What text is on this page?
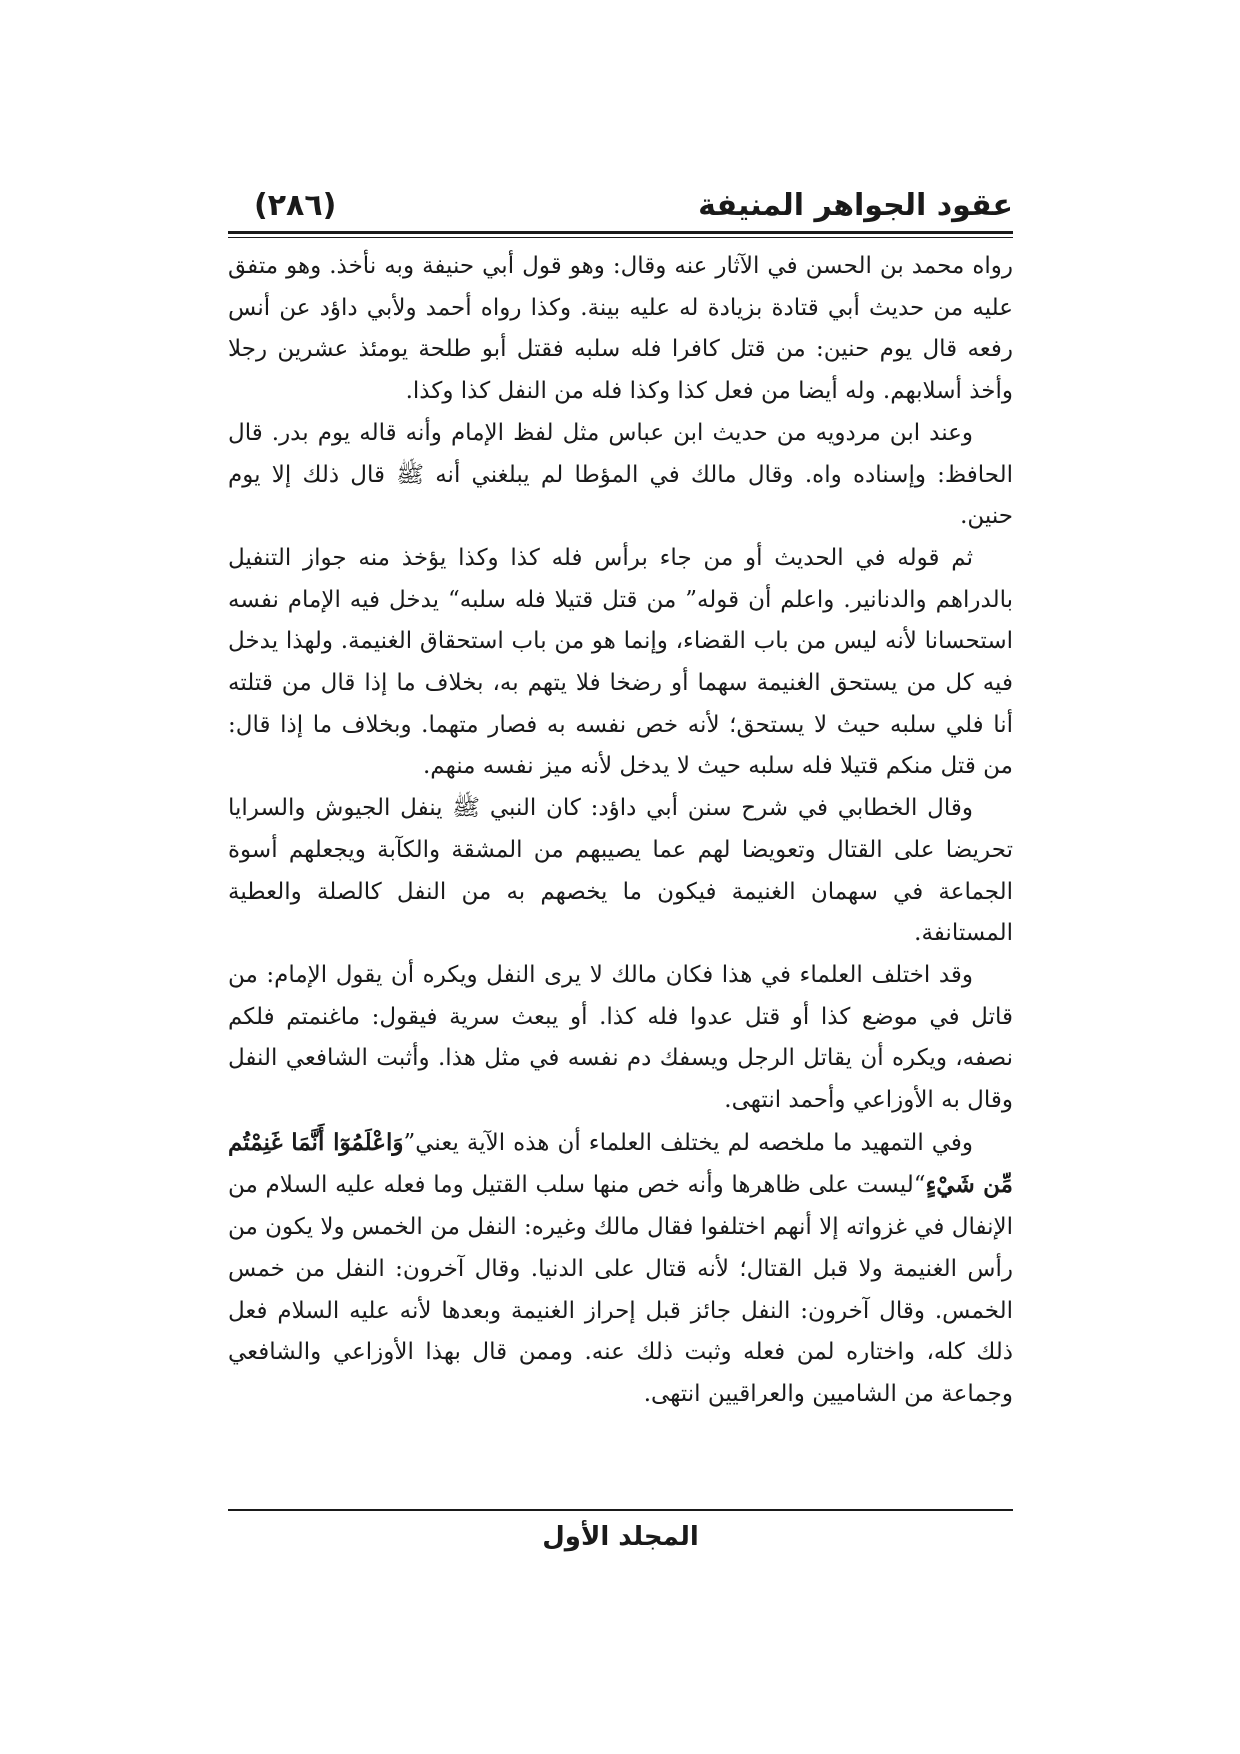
عقود الجواهر المنيفة
(٢٨٦)

رواه محمد بن الحسن في الآثار عنه وقال: وهو قول أبي حنيفة وبه نأخذ. وهو متفق عليه من حديث أبي قتادة بزيادة له عليه بينة. وكذا رواه أحمد ولأبي داؤد عن أنس رفعه قال يوم حنين: من قتل كافرا فله سلبه فقتل أبو طلحة يومئذ عشرين رجلا وأخذ أسلابهم. وله أيضا من فعل كذا وكذا فله من النفل كذا وكذا.

وعند ابن مردويه من حديث ابن عباس مثل لفظ الإمام وأنه قاله يوم بدر. قال الحافظ: وإسناده واه. وقال مالك في المؤطا لم يبلغني أنه ﷺ قال ذلك إلا يوم حنين.

ثم قوله في الحديث أو من جاء برأس فله كذا وكذا يؤخذ منه جواز التنفيل بالدراهم والدنانير. واعلم أن قوله” من قتل قتيلا فله سلبه“ يدخل فيه الإمام نفسه استحسانا لأنه ليس من باب القضاء، وإنما هو من باب استحقاق الغنيمة. ولهذا يدخل فيه كل من يستحق الغنيمة سهما أو رضخا فلا يتهم به، بخلاف ما إذا قال من قتلته أنا فلي سلبه حيث لا يستحق؛ لأنه خص نفسه به فصار متهما. وبخلاف ما إذا قال: من قتل منكم قتيلا فله سلبه حيث لا يدخل لأنه ميز نفسه منهم.

وقال الخطابي في شرح سنن أبي داؤد: كان النبي ﷺ ينفل الجيوش والسرايا تحريضا على القتال وتعويضا لهم عما يصيبهم من المشقة والكآبة ويجعلهم أسوة الجماعة في سهمان الغنيمة فيكون ما يخصهم به من النفل كالصلة والعطية المستانفة.

وقد اختلف العلماء في هذا فكان مالك لا يرى النفل ويكره أن يقول الإمام: من قاتل في موضع كذا أو قتل عدوا فله كذا. أو يبعث سرية فيقول: ماغنمتم فلكم نصفه، ويكره أن يقاتل الرجل ويسفك دم نفسه في مثل هذا. وأثبت الشافعي النفل وقال به الأوزاعي وأحمد انتهى.

وفي التمهيد ما ملخصه لم يختلف العلماء أن هذه الآية يعني”وَاعْلَمُوٓا أَنَّمَا غَنِمْتُم مِّن شَيْءٍ“ليست على ظاهرها وأنه خص منها سلب القتيل وما فعله عليه السلام من الإنفال في غزواته إلا أنهم اختلفوا فقال مالك وغيره: النفل من الخمس ولا يكون من رأس الغنيمة ولا قبل القتال؛ لأنه قتال على الدنيا. وقال آخرون: النفل من خمس الخمس. وقال آخرون: النفل جائز قبل إحراز الغنيمة وبعدها لأنه عليه السلام فعل ذلك كله، واختاره لمن فعله وثبت ذلك عنه. وممن قال بهذا الأوزاعي والشافعي وجماعة من الشاميين والعراقيين انتهى.

المجلد الأول
